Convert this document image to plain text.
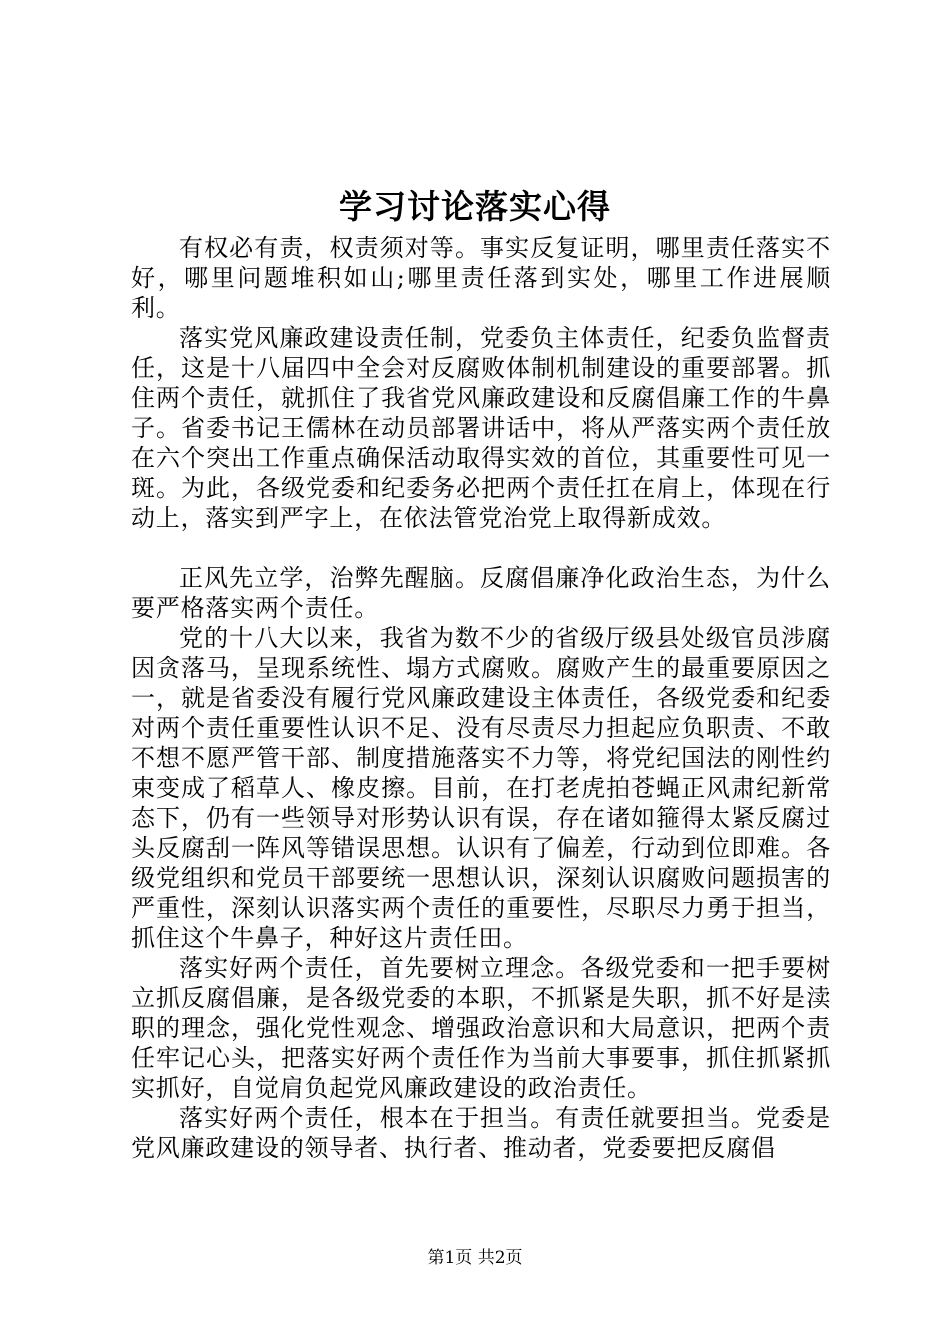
学习讨论落实心得

有权必有责，权责须对等。事实反复证明，哪里责任落实不好，哪里问题堆积如山;哪里责任落到实处，哪里工作进展顺利。

落实党风廉政建设责任制，党委负主体责任，纪委负监督责任，这是十八届四中全会对反腐败体制机制建设的重要部署。抓住两个责任，就抓住了我省党风廉政建设和反腐倡廉工作的牛鼻子。省委书记王儒林在动员部署讲话中，将从严落实两个责任放在六个突出工作重点确保活动取得实效的首位，其重要性可见一斑。为此，各级党委和纪委务必把两个责任扛在肩上，体现在行动上，落实到严字上，在依法管党治党上取得新成效。

正风先立学，治弊先醒脑。反腐倡廉净化政治生态，为什么要严格落实两个责任。

党的十八大以来，我省为数不少的省级厅级县处级官员涉腐因贪落马，呈现系统性、塌方式腐败。腐败产生的最重要原因之一，就是省委没有履行党风廉政建设主体责任，各级党委和纪委对两个责任重要性认识不足、没有尽责尽力担起应负职责、不敢不想不愿严管干部、制度措施落实不力等，将党纪国法的刚性约束变成了稻草人、橡皮擦。目前，在打老虎拍苍蝇正风肃纪新常态下，仍有一些领导对形势认识有误，存在诸如箍得太紧反腐过头反腐刮一阵风等错误思想。认识有了偏差，行动到位即难。各级党组织和党员干部要统一思想认识，深刻认识腐败问题损害的严重性，深刻认识落实两个责任的重要性，尽职尽力勇于担当，抓住这个牛鼻子，种好这片责任田。

落实好两个责任，首先要树立理念。各级党委和一把手要树立抓反腐倡廉，是各级党委的本职，不抓紧是失职，抓不好是渎职的理念，强化党性观念、增强政治意识和大局意识，把两个责任牢记心头，把落实好两个责任作为当前大事要事，抓住抓紧抓实抓好，自觉肩负起党风廉政建设的政治责任。

落实好两个责任，根本在于担当。有责任就要担当。党委是党风廉政建设的领导者、执行者、推动者，党委要把反腐倡

第1页 共2页
